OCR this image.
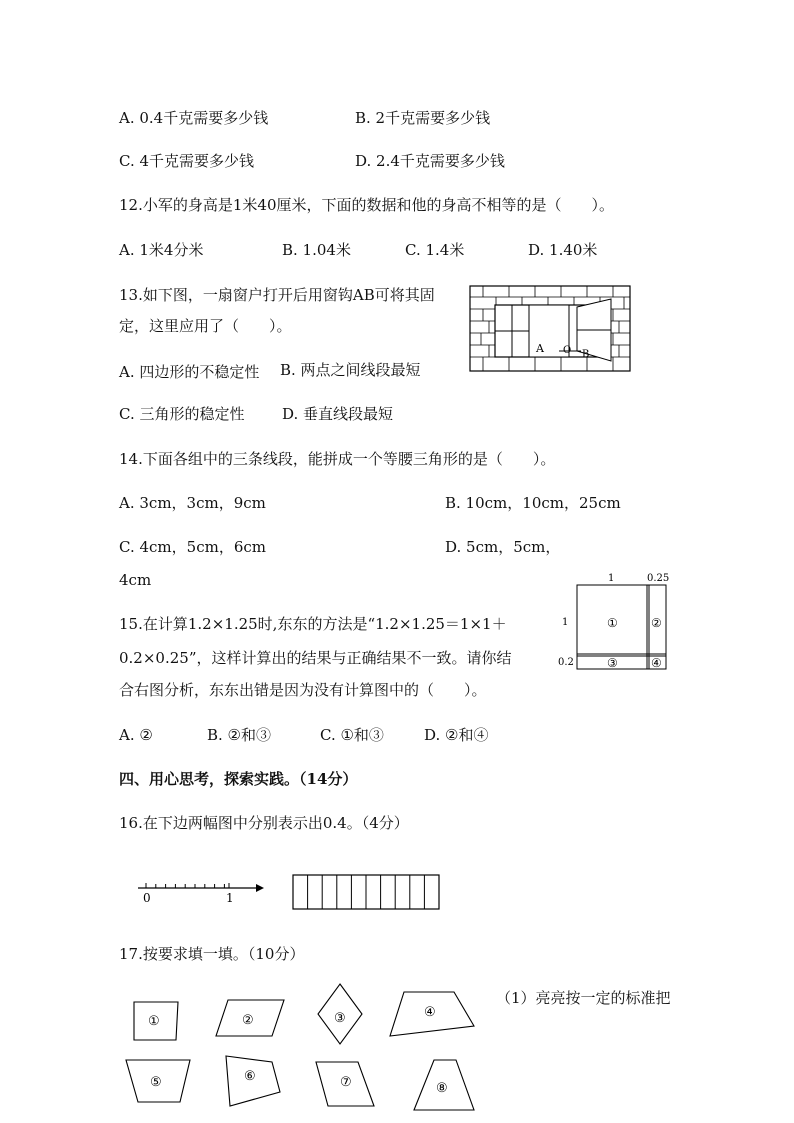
A. 0.4千克需要多少钱	B. 2千克需要多少钱
C. 4千克需要多少钱	D. 2.4千克需要多少钱
12.小军的身高是1米40厘米，下面的数据和他的身高不相等的是（　　）。
A. 1米4分米	B. 1.04米	C. 1.4米	D. 1.40米
13.如下图，一扇窗户打开后用窗钩AB可将其固
定，这里应用了（　　）。
A. 四边形的不稳定性 B. 两点之间线段最短
C. 三角形的稳定性	D. 垂直线段最短
A O B
14.下面各组中的三条线段，能拼成一个等腰三角形的是（　　）。
A. 3cm，3cm，9cm	B. 10cm，10cm，25cm
C. 4cm，5cm，6cm	D. 5cm，5cm，
4cm
15.在计算1.2×1.25时,东东的方法是“1.2×1.25＝1×1＋
0.2×0.25”，这样计算出的结果与正确结果不一致。请你结
合右图分析，东东出错是因为没有计算图中的（　　）。
A. ②	B. ②和③	C. ①和③	D. ②和④
1	0.25
1
0.2
①	②
③	④
四、用心思考，探索实践。（14分）
16.在下边两幅图中分别表示出0.4。（4分）
0	1
17.按要求填一填。（10分）
（1）亮亮按一定的标准把
①	②	③	④
⑤	⑥	⑦	⑧
